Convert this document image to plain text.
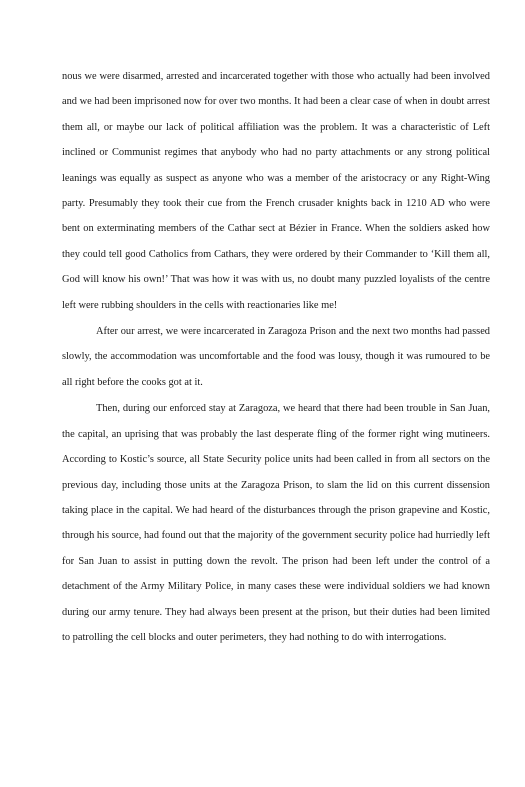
nous we were disarmed, arrested and incarcerated together with those who actually had been involved and we had been imprisoned now for over two months. It had been a clear case of when in doubt arrest them all, or maybe our lack of political affiliation was the problem. It was a characteristic of Left inclined or Communist regimes that anybody who had no party attachments or any strong political leanings was equally as suspect as anyone who was a member of the aristocracy or any Right-Wing party. Presumably they took their cue from the French crusader knights back in 1210 AD who were bent on exterminating members of the Cathar sect at Bézier in France. When the soldiers asked how they could tell good Catholics from Cathars, they were ordered by their Commander to ‘Kill them all, God will know his own!’ That was how it was with us, no doubt many puzzled loyalists of the centre left were rubbing shoulders in the cells with reactionaries like me!

After our arrest, we were incarcerated in Zaragoza Prison and the next two months had passed slowly, the accommodation was uncomfortable and the food was lousy, though it was rumoured to be all right before the cooks got at it.

Then, during our enforced stay at Zaragoza, we heard that there had been trouble in San Juan, the capital, an uprising that was probably the last desperate fling of the former right wing mutineers. According to Kostic’s source, all State Security police units had been called in from all sectors on the previous day, including those units at the Zaragoza Prison, to slam the lid on this current dissension taking place in the capital. We had heard of the disturbances through the prison grapevine and Kostic, through his source, had found out that the majority of the government security police had hurriedly left for San Juan to assist in putting down the revolt. The prison had been left under the control of a detachment of the Army Military Police, in many cases these were individual soldiers we had known during our army tenure. They had always been present at the prison, but their duties had been limited to patrolling the cell blocks and outer perimeters, they had nothing to do with interrogations.
